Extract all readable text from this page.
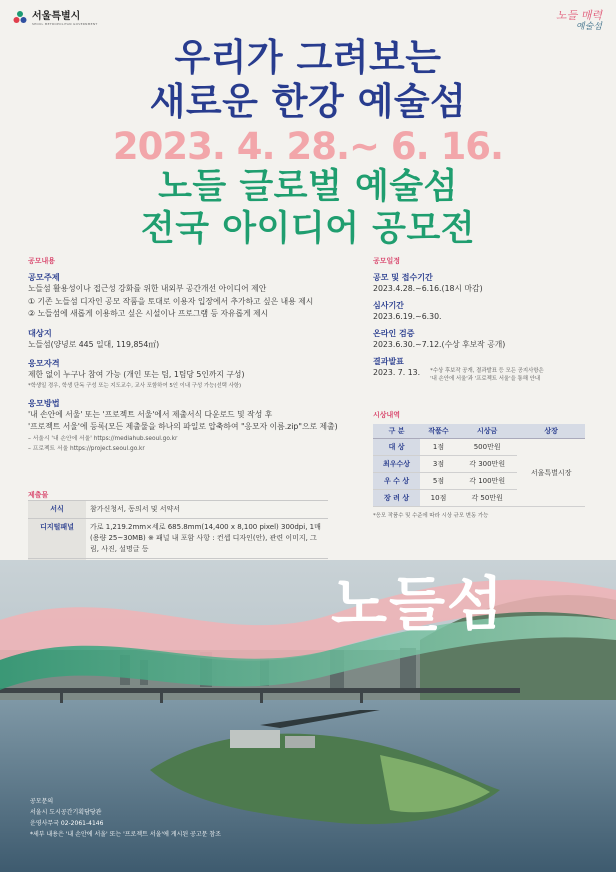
서울특별시
SEOUL METROPOLITAN GOVERNMENT
노들 매력
예술섬
우리가 그려보는
새로운 한강 예술섬
2023. 4. 28.~ 6. 16.
노들 글로벌 예술섬
전국 아이디어 공모전
공모내용
공모주제
노들섬 활용성이나 접근성 강화를 위한 내외부 공간개선 아이디어 제안
① 기존 노들섬 디자인 공모 작품을 토대로 이용자 입장에서 추가하고 싶은 내용 제시
② 노들섬에 새롭게 이용하고 싶은 시설이나 프로그램 등 자유롭게 제시
대상지
노들섬(양녕로 445 일대, 119,854㎡)
응모자격
제한 없이 누구나 참여 가능 (개인 또는 팀, 1팀당 5인까지 구성)
*학생일 경우, 학생 단독 구성 또는 지도교수, 교사 포함하여 5인 이내 구성 가능(선택 사항)
응모방법
'내 손안에 서울' 또는 '프로젝트 서울'에서 제출서식 다운로드 및 작성 후
'프로젝트 서울'에 등록(모든 제출물을 하나의 파일로 압축하여 "응모자 이름.zip"으로 제출)
– 서울시 '내 손안에 서울' https://mediahub.seoul.go.kr
– 프로젝트 서울 https://project.seoul.go.kr
제출물
서식	참가신청서, 동의서 및 서약서
디지털패널	가로 1,219.2mm×세로 685.8mm(14,400 x 8,100 pixel) 300dpi, 1매(용량 25~30MB) ※ 패널 내 포함 사항 : 컨셉 디자인(안), 관련 이미지, 그림, 사진, 설명글 등

공모일정
공모 및 접수기간
2023.4.28.~6.16.(18시 마감)
심사기간
2023.6.19.~6.30.
온라인 검증
2023.6.30.~7.12.(수상 후보작 공개)
결과발표
2023. 7. 13. *수상 후보작 공개, 결과발표 등 모든 공지사항은
'내 손안에 서울'과 '프로젝트 서울'을 통해 안내
시상내역
구 분	작품수	시상금	상장
대 상	1점	500만원	서울특별시장
최우수상	3점	각 300만원	
우 수 상	5점	각 100만원	
장 려 상	10점	각 50만원	
*응모 작품수 및 수준에 따라 시상 규모 변동 가능
노들섬
공모문의
서울시 도시공간기획담당관
운영사무국 02-2061-4146
*세부 내용은 '내 손안에 서울' 또는 '프로젝트 서울'에 게시된 공고문 참조
